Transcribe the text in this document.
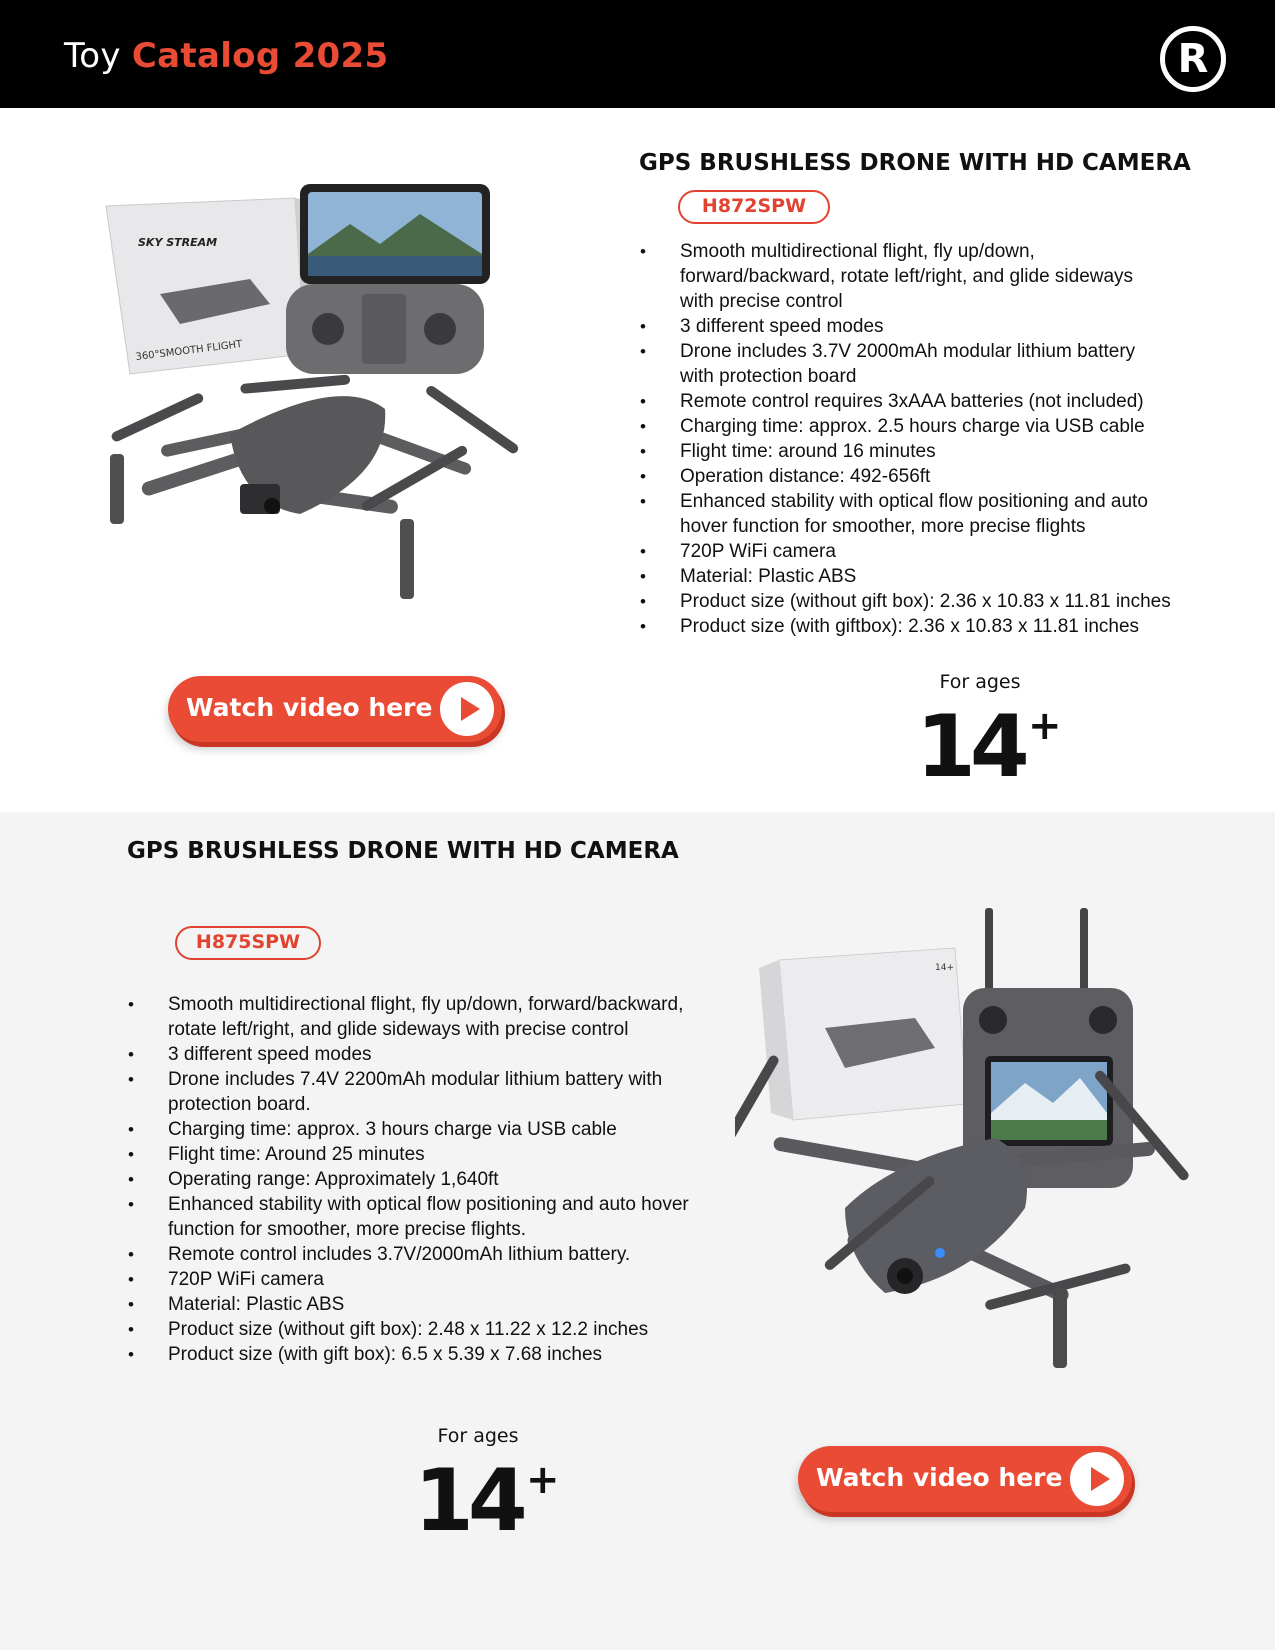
Toy Catalog 2025	R
SKY STREAM
360°SMOOTH FLIGHT
GPS BRUSHLESS DRONE WITH HD CAMERA
H872SPW
• Smooth multidirectional flight, fly up/down,
forward/backward, rotate left/right, and glide sideways
with precise control
• 3 different speed modes
• Drone includes 3.7V 2000mAh modular lithium battery
with protection board
• Remote control requires 3xAAA batteries (not included)
• Charging time: approx. 2.5 hours charge via USB cable
• Flight time: around 16 minutes
• Operation distance: 492-656ft
• Enhanced stability with optical flow positioning and auto
hover function for smoother, more precise flights
• 720P WiFi camera
• Material: Plastic ABS
• Product size (without gift box): 2.36 x 10.83 x 11.81 inches
• Product size (with giftbox): 2.36 x 10.83 x 11.81 inches
Watch video here
For ages
14 +
GPS BRUSHLESS DRONE WITH HD CAMERA
H875SPW
• Smooth multidirectional flight, fly up/down, forward/backward,
rotate left/right, and glide sideways with precise control
• 3 different speed modes
• Drone includes 7.4V 2200mAh modular lithium battery with
protection board.
• Charging time: approx. 3 hours charge via USB cable
• Flight time: Around 25 minutes
• Operating range: Approximately 1,640ft
• Enhanced stability with optical flow positioning and auto hover
function for smoother, more precise flights.
• Remote control includes 3.7V/2000mAh lithium battery.
• 720P WiFi camera
• Material: Plastic ABS
• Product size (without gift box): 2.48 x 11.22 x 12.2 inches
• Product size (with gift box): 6.5 x 5.39 x 7.68 inches
14+
For ages
14 +	Watch video here
